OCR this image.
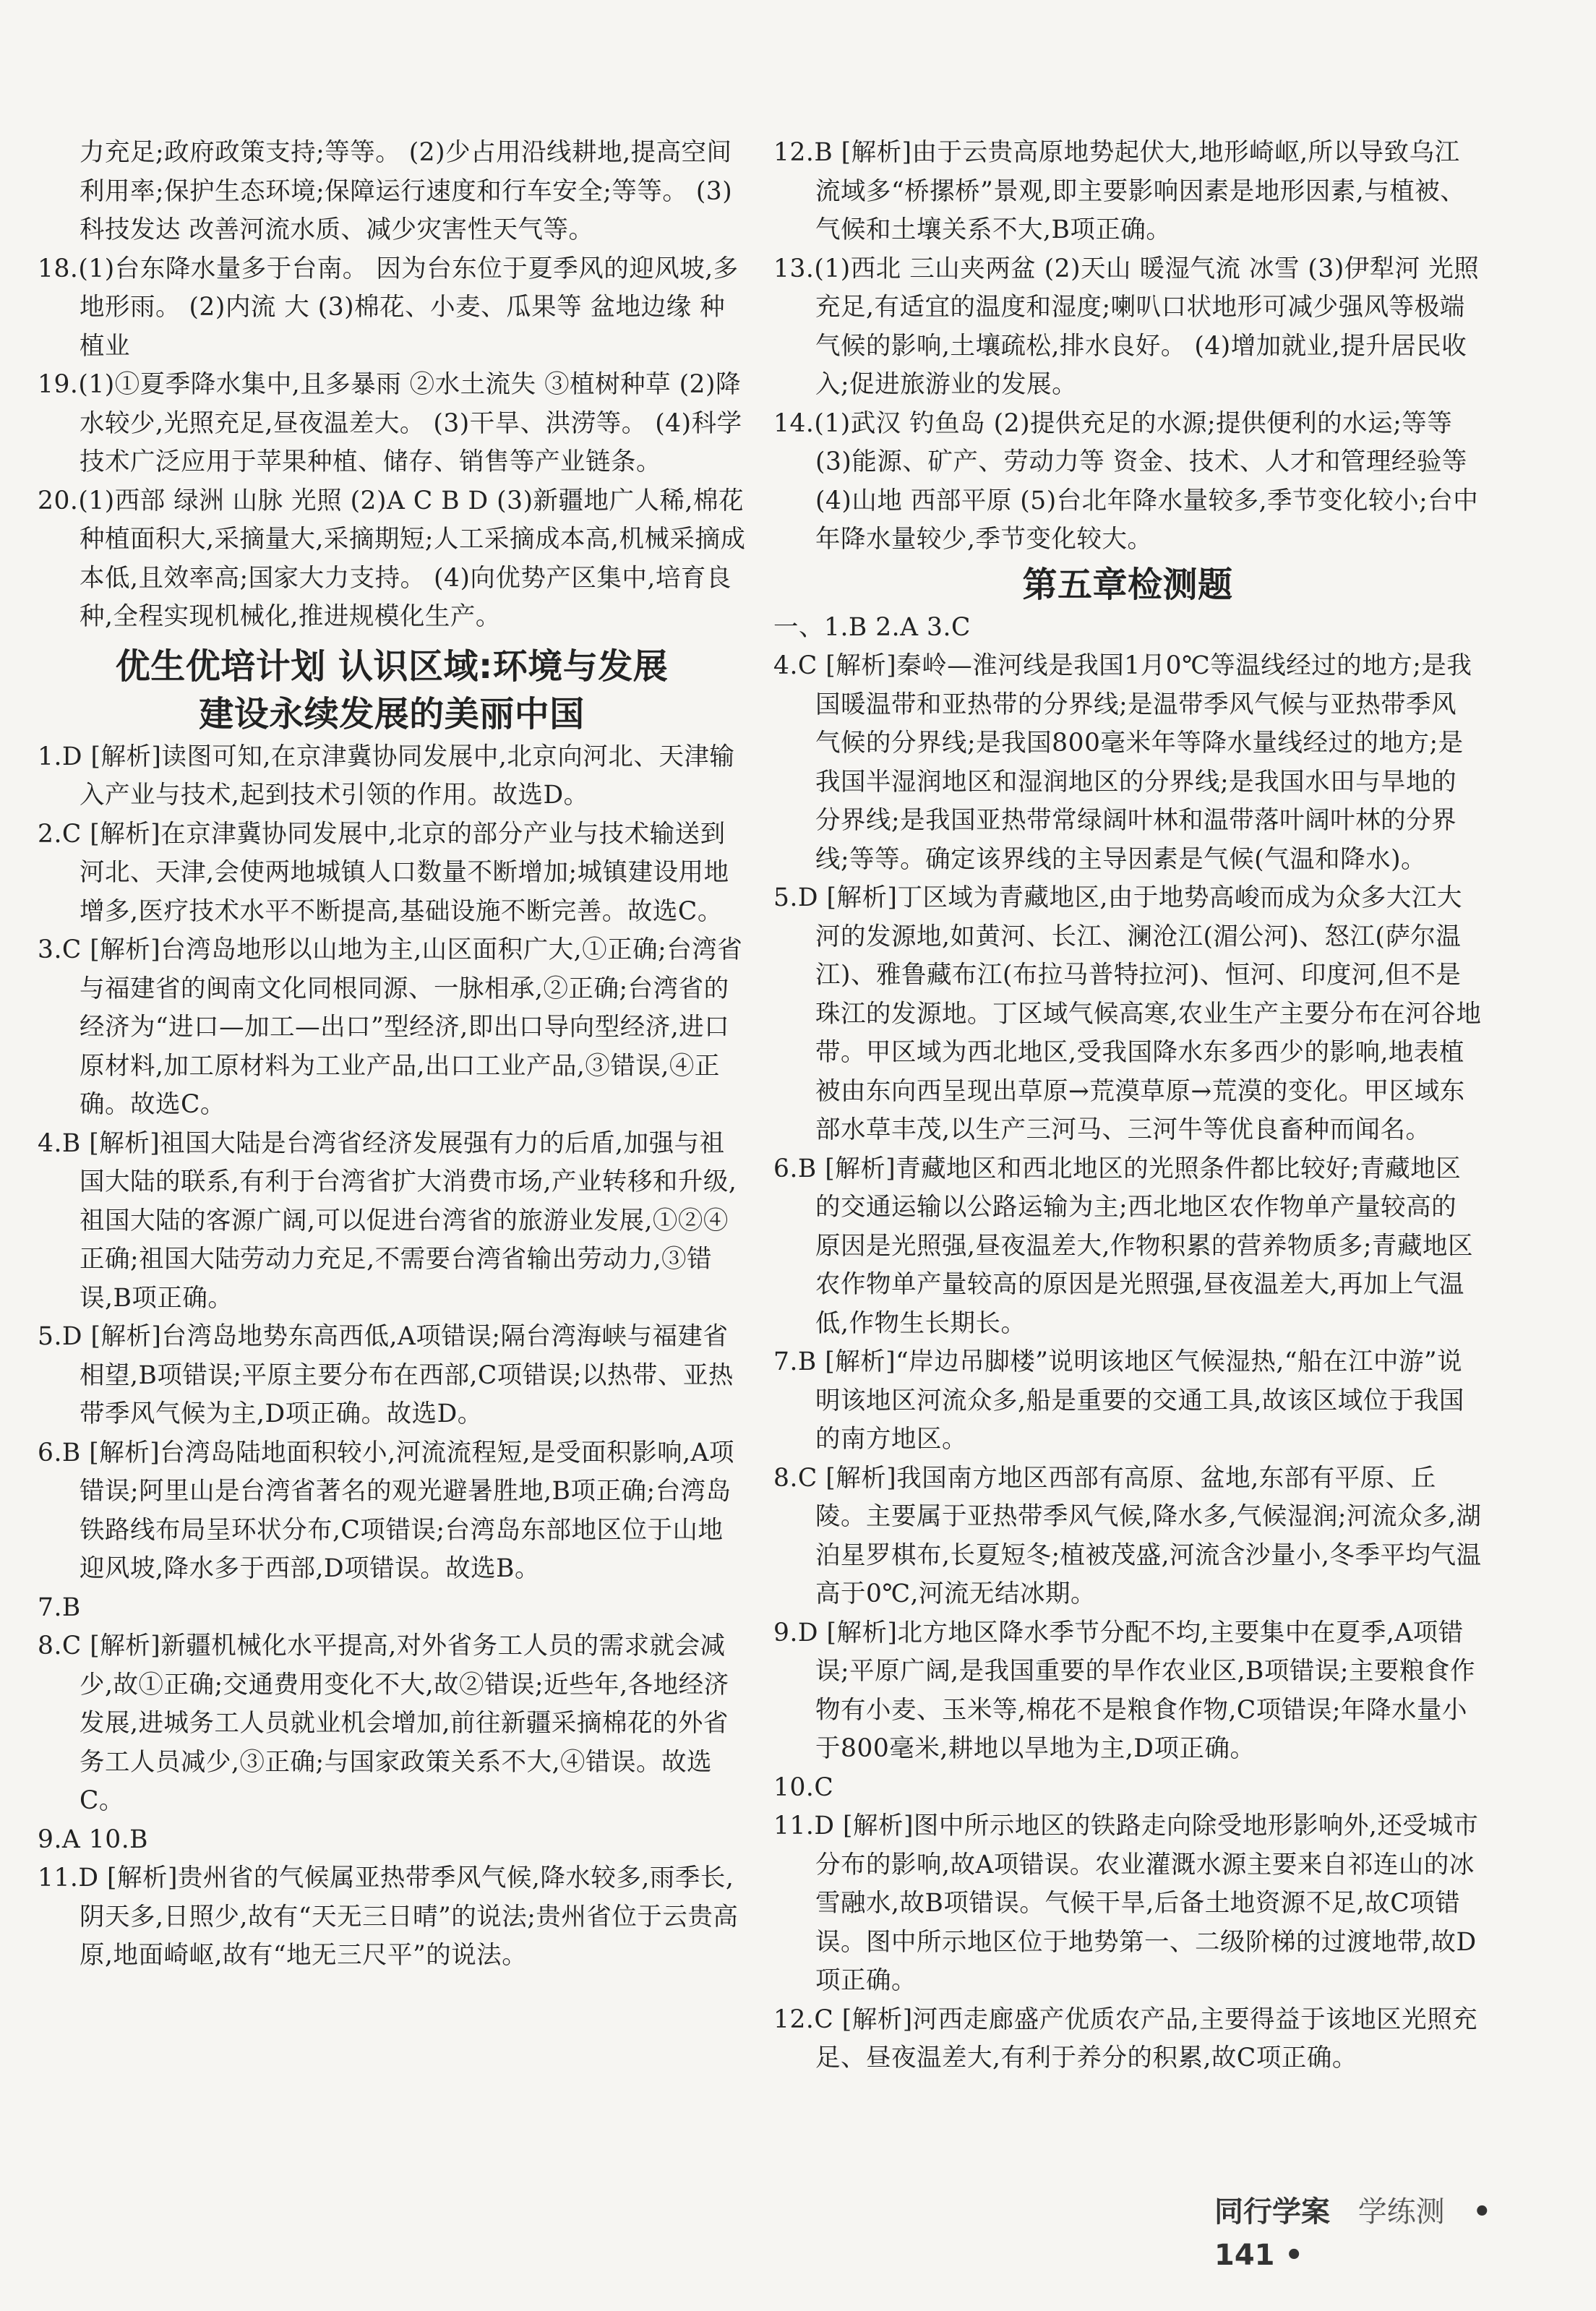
力充足;政府政策支持;等等。 (2)少占用沿线耕地,提高空间利用率;保护生态环境;保障运行速度和行车安全;等等。 (3)科技发达 改善河流水质、减少灾害性天气等。

18.(1)台东降水量多于台南。 因为台东位于夏季风的迎风坡,多地形雨。 (2)内流 大 (3)棉花、小麦、瓜果等 盆地边缘 种植业

19.(1)①夏季降水集中,且多暴雨 ②水土流失 ③植树种草 (2)降水较少,光照充足,昼夜温差大。 (3)干旱、洪涝等。 (4)科学技术广泛应用于苹果种植、储存、销售等产业链条。

20.(1)西部 绿洲 山脉 光照 (2)A C B D (3)新疆地广人稀,棉花种植面积大,采摘量大,采摘期短;人工采摘成本高,机械采摘成本低,且效率高;国家大力支持。 (4)向优势产区集中,培育良种,全程实现机械化,推进规模化生产。

优生优培计划 认识区域:环境与发展

建设永续发展的美丽中国

1.D [解析]读图可知,在京津冀协同发展中,北京向河北、天津输入产业与技术,起到技术引领的作用。故选D。

2.C [解析]在京津冀协同发展中,北京的部分产业与技术输送到河北、天津,会使两地城镇人口数量不断增加;城镇建设用地增多,医疗技术水平不断提高,基础设施不断完善。故选C。

3.C [解析]台湾岛地形以山地为主,山区面积广大,①正确;台湾省与福建省的闽南文化同根同源、一脉相承,②正确;台湾省的经济为“进口—加工—出口”型经济,即出口导向型经济,进口原材料,加工原材料为工业产品,出口工业产品,③错误,④正确。故选C。

4.B [解析]祖国大陆是台湾省经济发展强有力的后盾,加强与祖国大陆的联系,有利于台湾省扩大消费市场,产业转移和升级,祖国大陆的客源广阔,可以促进台湾省的旅游业发展,①②④正确;祖国大陆劳动力充足,不需要台湾省输出劳动力,③错误,B项正确。

5.D [解析]台湾岛地势东高西低,A项错误;隔台湾海峡与福建省相望,B项错误;平原主要分布在西部,C项错误;以热带、亚热带季风气候为主,D项正确。故选D。

6.B [解析]台湾岛陆地面积较小,河流流程短,是受面积影响,A项错误;阿里山是台湾省著名的观光避暑胜地,B项正确;台湾岛铁路线布局呈环状分布,C项错误;台湾岛东部地区位于山地迎风坡,降水多于西部,D项错误。故选B。

7.B

8.C [解析]新疆机械化水平提高,对外省务工人员的需求就会减少,故①正确;交通费用变化不大,故②错误;近些年,各地经济发展,进城务工人员就业机会增加,前往新疆采摘棉花的外省务工人员减少,③正确;与国家政策关系不大,④错误。故选C。

9.A 10.B

11.D [解析]贵州省的气候属亚热带季风气候,降水较多,雨季长,阴天多,日照少,故有“天无三日晴”的说法;贵州省位于云贵高原,地面崎岖,故有“地无三尺平”的说法。

12.B [解析]由于云贵高原地势起伏大,地形崎岖,所以导致乌江流域多“桥摞桥”景观,即主要影响因素是地形因素,与植被、气候和土壤关系不大,B项正确。

13.(1)西北 三山夹两盆 (2)天山 暖湿气流 冰雪 (3)伊犁河 光照充足,有适宜的温度和湿度;喇叭口状地形可减少强风等极端气候的影响,土壤疏松,排水良好。 (4)增加就业,提升居民收入;促进旅游业的发展。

14.(1)武汉 钓鱼岛 (2)提供充足的水源;提供便利的水运;等等 (3)能源、矿产、劳动力等 资金、技术、人才和管理经验等 (4)山地 西部平原 (5)台北年降水量较多,季节变化较小;台中年降水量较少,季节变化较大。

第五章检测题

一、1.B 2.A 3.C

4.C [解析]秦岭—淮河线是我国1月0℃等温线经过的地方;是我国暖温带和亚热带的分界线;是温带季风气候与亚热带季风气候的分界线;是我国800毫米年等降水量线经过的地方;是我国半湿润地区和湿润地区的分界线;是我国水田与旱地的分界线;是我国亚热带常绿阔叶林和温带落叶阔叶林的分界线;等等。确定该界线的主导因素是气候(气温和降水)。

5.D [解析]丁区域为青藏地区,由于地势高峻而成为众多大江大河的发源地,如黄河、长江、澜沧江(湄公河)、怒江(萨尔温江)、雅鲁藏布江(布拉马普特拉河)、恒河、印度河,但不是珠江的发源地。丁区域气候高寒,农业生产主要分布在河谷地带。甲区域为西北地区,受我国降水东多西少的影响,地表植被由东向西呈现出草原→荒漠草原→荒漠的变化。甲区域东部水草丰茂,以生产三河马、三河牛等优良畜种而闻名。

6.B [解析]青藏地区和西北地区的光照条件都比较好;青藏地区的交通运输以公路运输为主;西北地区农作物单产量较高的原因是光照强,昼夜温差大,作物积累的营养物质多;青藏地区农作物单产量较高的原因是光照强,昼夜温差大,再加上气温低,作物生长期长。

7.B [解析]“岸边吊脚楼”说明该地区气候湿热,“船在江中游”说明该地区河流众多,船是重要的交通工具,故该区域位于我国的南方地区。

8.C [解析]我国南方地区西部有高原、盆地,东部有平原、丘陵。主要属于亚热带季风气候,降水多,气候湿润;河流众多,湖泊星罗棋布,长夏短冬;植被茂盛,河流含沙量小,冬季平均气温高于0℃,河流无结冰期。

9.D [解析]北方地区降水季节分配不均,主要集中在夏季,A项错误;平原广阔,是我国重要的旱作农业区,B项错误;主要粮食作物有小麦、玉米等,棉花不是粮食作物,C项错误;年降水量小于800毫米,耕地以旱地为主,D项正确。

10.C

11.D [解析]图中所示地区的铁路走向除受地形影响外,还受城市分布的影响,故A项错误。农业灌溉水源主要来自祁连山的冰雪融水,故B项错误。气候干旱,后备土地资源不足,故C项错误。图中所示地区位于地势第一、二级阶梯的过渡地带,故D项正确。

12.C [解析]河西走廊盛产优质农产品,主要得益于该地区光照充足、昼夜温差大,有利于养分的积累,故C项正确。

同行学案 学练测 • 141 •
